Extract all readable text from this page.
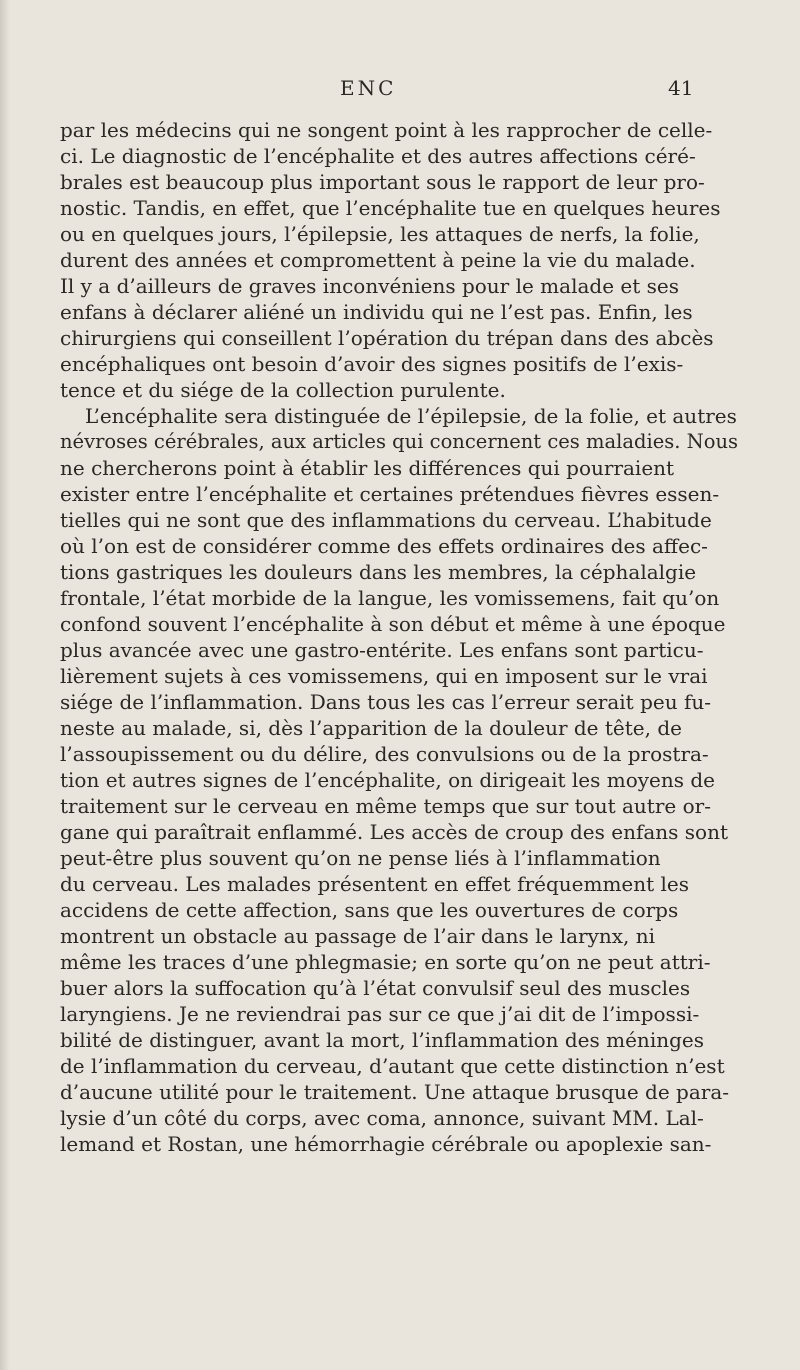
ENC	41
par les médecins qui ne songent point à les rapprocher de celle-
ci. Le diagnostic de l’encéphalite et des autres affections céré-
brales est beaucoup plus important sous le rapport de leur pro-
nostic. Tandis, en effet, que l’encéphalite tue en quelques heures
ou en quelques jours, l’épilepsie, les attaques de nerfs, la folie,
durent des années et compromettent à peine la vie du malade.
Il y a d’ailleurs de graves inconvéniens pour le malade et ses
enfans à déclarer aliéné un individu qui ne l’est pas. Enfin, les
chirurgiens qui conseillent l’opération du trépan dans des abcès
encéphaliques ont besoin d’avoir des signes positifs de l’exis-
tence et du siége de la collection purulente.
L’encéphalite sera distinguée de l’épilepsie, de la folie, et autres
névroses cérébrales, aux articles qui concernent ces maladies. Nous
ne chercherons point à établir les différences qui pourraient
exister entre l’encéphalite et certaines prétendues fièvres essen-
tielles qui ne sont que des inflammations du cerveau. L’habitude
où l’on est de considérer comme des effets ordinaires des affec-
tions gastriques les douleurs dans les membres, la céphalalgie
frontale, l’état morbide de la langue, les vomissemens, fait qu’on
confond souvent l’encéphalite à son début et même à une époque
plus avancée avec une gastro-entérite. Les enfans sont particu-
lièrement sujets à ces vomissemens, qui en imposent sur le vrai
siége de l’inflammation. Dans tous les cas l’erreur serait peu fu-
neste au malade, si, dès l’apparition de la douleur de tête, de
l’assoupissement ou du délire, des convulsions ou de la prostra-
tion et autres signes de l’encéphalite, on dirigeait les moyens de
traitement sur le cerveau en même temps que sur tout autre or-
gane qui paraîtrait enflammé. Les accès de croup des enfans sont
peut-être plus souvent qu’on ne pense liés à l’inflammation
du cerveau. Les malades présentent en effet fréquemment les
accidens de cette affection, sans que les ouvertures de corps
montrent un obstacle au passage de l’air dans le larynx, ni
même les traces d’une phlegmasie; en sorte qu’on ne peut attri-
buer alors la suffocation qu’à l’état convulsif seul des muscles
laryngiens. Je ne reviendrai pas sur ce que j’ai dit de l’impossi-
bilité de distinguer, avant la mort, l’inflammation des méninges
de l’inflammation du cerveau, d’autant que cette distinction n’est
d’aucune utilité pour le traitement. Une attaque brusque de para-
lysie d’un côté du corps, avec coma, annonce, suivant MM. Lal-
lemand et Rostan, une hémorrhagie cérébrale ou apoplexie san-
